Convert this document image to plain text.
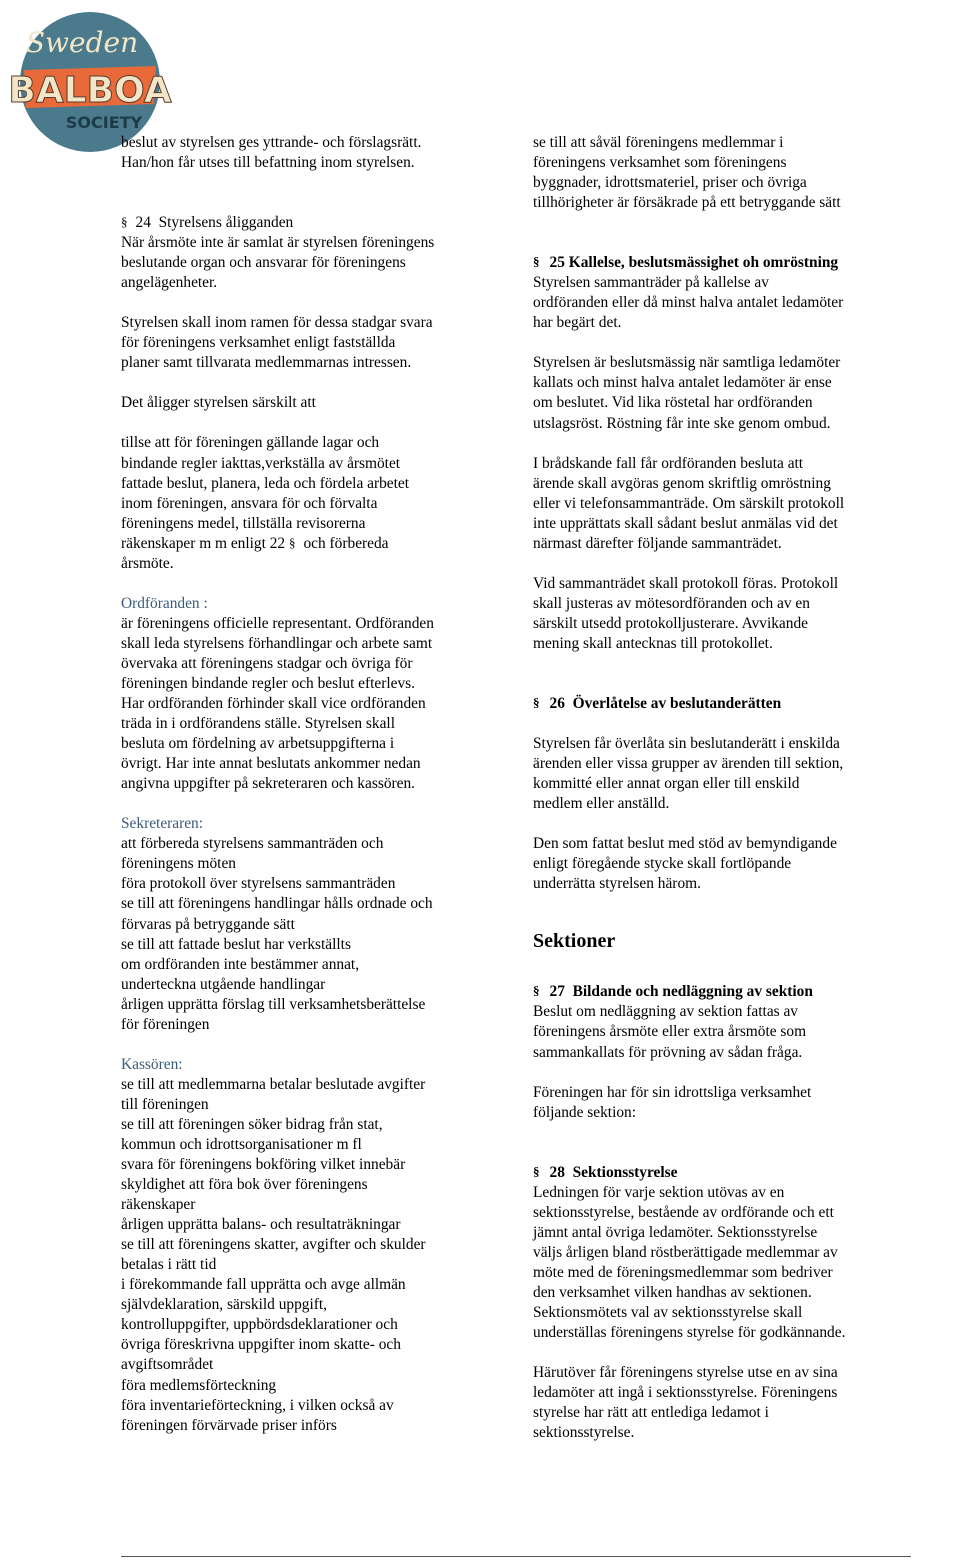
Sweden
BALBOA
SOCIETY

beslut av styrelsen ges yttrande- och förslagsrätt.
Han/hon får utses till befattning inom styrelsen.

§ 24 Styrelsens åligganden

När årsmöte inte är samlat är styrelsen föreningens
beslutande organ och ansvarar för föreningens
angelägenheter.

Styrelsen skall inom ramen för dessa stadgar svara
för föreningens verksamhet enligt fastställda
planer samt tillvarata medlemmarnas intressen.

Det åligger styrelsen särskilt att

tillse att för föreningen gällande lagar och
bindande regler iakttas,verkställa av årsmötet
fattade beslut, planera, leda och fördela arbetet
inom föreningen, ansvara för och förvalta
föreningens medel, tillställa revisorerna
räkenskaper m m enligt 22 § och förbereda
årsmöte.

Ordföranden :

är föreningens officielle representant. Ordföranden
skall leda styrelsens förhandlingar och arbete samt
övervaka att föreningens stadgar och övriga för
föreningen bindande regler och beslut efterlevs.
Har ordföranden förhinder skall vice ordföranden
träda in i ordförandens ställe. Styrelsen skall
besluta om fördelning av arbetsuppgifterna i
övrigt. Har inte annat beslutats ankommer nedan
angivna uppgifter på sekreteraren och kassören.

Sekreteraren:

att förbereda styrelsens sammanträden och
föreningens möten
föra protokoll över styrelsens sammanträden
se till att föreningens handlingar hålls ordnade och
förvaras på betryggande sätt
se till att fattade beslut har verkställts
om ordföranden inte bestämmer annat,
underteckna utgående handlingar
årligen upprätta förslag till verksamhetsberättelse
för föreningen

Kassören:

se till att medlemmarna betalar beslutade avgifter
till föreningen
se till att föreningen söker bidrag från stat,
kommun och idrottsorganisationer m fl
svara för föreningens bokföring vilket innebär
skyldighet att föra bok över föreningens
räkenskaper
årligen upprätta balans- och resultaträkningar
se till att föreningens skatter, avgifter och skulder
betalas i rätt tid
i förekommande fall upprätta och avge allmän
självdeklaration, särskild uppgift,
kontrolluppgifter, uppbördsdeklarationer och
övriga föreskrivna uppgifter inom skatte- och
avgiftsområdet
föra medlemsförteckning
föra inventarieförteckning, i vilken också av
föreningen förvärvade priser införs

se till att såväl föreningens medlemmar i
föreningens verksamhet som föreningens
byggnader, idrottsmateriel, priser och övriga
tillhörigheter är försäkrade på ett betryggande sätt

§ 25 Kallelse, beslutsmässighet oh omröstning

Styrelsen sammanträder på kallelse av
ordföranden eller då minst halva antalet ledamöter
har begärt det.

Styrelsen är beslutsmässig när samtliga ledamöter
kallats och minst halva antalet ledamöter är ense
om beslutet. Vid lika röstetal har ordföranden
utslagsröst. Röstning får inte ske genom ombud.

I brådskande fall får ordföranden besluta att
ärende skall avgöras genom skriftlig omröstning
eller vi telefonsammanträde. Om särskilt protokoll
inte upprättats skall sådant beslut anmälas vid det
närmast därefter följande sammanträdet.

Vid sammanträdet skall protokoll föras. Protokoll
skall justeras av mötesordföranden och av en
särskilt utsedd protokolljusterare. Avvikande
mening skall antecknas till protokollet.

§ 26 Överlåtelse av beslutanderätten

Styrelsen får överlåta sin beslutanderätt i enskilda
ärenden eller vissa grupper av ärenden till sektion,
kommitté eller annat organ eller till enskild
medlem eller anställd.

Den som fattat beslut med stöd av bemyndigande
enligt föregående stycke skall fortlöpande
underrätta styrelsen härom.

Sektioner

§ 27 Bildande och nedläggning av sektion

Beslut om nedläggning av sektion fattas av
föreningens årsmöte eller extra årsmöte som
sammankallats för prövning av sådan fråga.

Föreningen har för sin idrottsliga verksamhet
följande sektion:

§ 28 Sektionsstyrelse

Ledningen för varje sektion utövas av en
sektionsstyrelse, bestående av ordförande och ett
jämnt antal övriga ledamöter. Sektionsstyrelse
väljs årligen bland röstberättigade medlemmar av
möte med de föreningsmedlemmar som bedriver
den verksamhet vilken handhas av sektionen.
Sektionsmötets val av sektionsstyrelse skall
underställas föreningens styrelse för godkännande.

Härutöver får föreningens styrelse utse en av sina
ledamöter att ingå i sektionsstyrelse. Föreningens
styrelse har rätt att entlediga ledamot i
sektionsstyrelse.
